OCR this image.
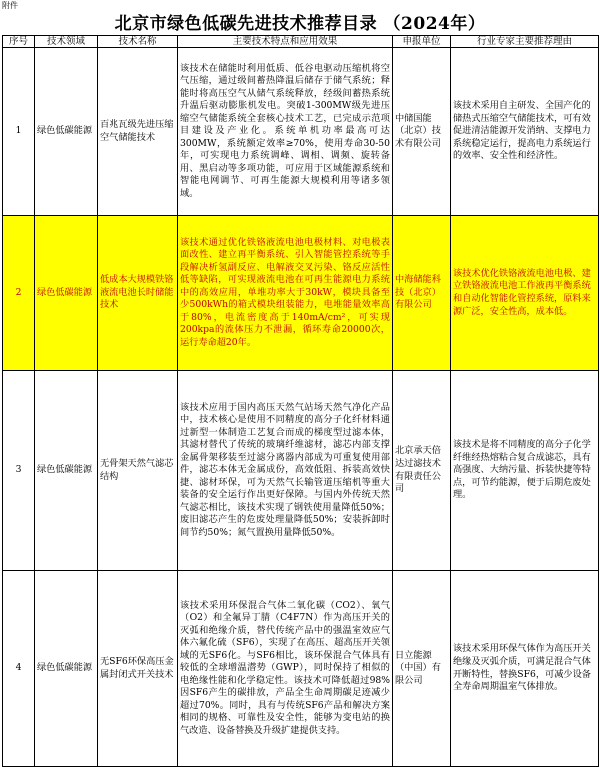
附件
北京市绿色低碳先进技术推荐目录 （2024年）
序号	技术领域	技术名称	主要技术特点和应用效果	申报单位	行业专家主要推荐理由
1	绿色低碳能源	百兆瓦级先进压缩空气储能技术	该技术在储能时利用低质、低谷电驱动压缩机将空气压缩，通过级间蓄热降温后储存于储气系统；释能时将高压空气从储气系统释放，经级间蓄热系统升温后驱动膨胀机发电。突破1-300MW级先进压缩空气储能系统全套核心技术工艺，已完成示范项目建设及产业化。系统单机功率最高可达300MW，系统额定效率≥70%，使用寿命30-50年，可实现电力系统调峰、调相、调频、旋转备用、黑启动等多项功能，可应用于区域能源系统和智能电网调节、可再生能源大规模利用等诸多领域。	中储国能（北京）技术有限公司	该技术采用自主研发、全国产化的储热式压缩空气储能技术，可有效促进清洁能源开发消纳、支撑电力系统稳定运行，提高电力系统运行的效率、安全性和经济性。
2	绿色低碳能源	低成本大规模铁铬液流电池长时储能技术	该技术通过优化铁铬液流电池电极材料、对电极表面改性、建立再平衡系统、引入智能管控系统等手段解决析氢副反应、电解液交叉污染、铬反应活性低等缺陷，可实现液流电池在可再生能源电力系统中的高效应用，单堆功率大于30kW，模块具备至少500kWh的箱式模块组装能力，电堆能量效率高于80%，电流密度高于140mA/cm²，可实现200kpa的流体压力不泄漏，循环寿命20000次，运行寿命超20年。	中海储能科技（北京）有限公司	该技术优化铁铬液流电池电极、建立铁铬液流电池工作液再平衡系统和自动化智能化管控系统，原料来源广泛，安全性高，成本低。
3	绿色低碳能源	无骨架天然气滤芯结构	该技术应用于国内高压天然气站场天然气净化产品中，技术核心是使用不同精度的高分子化纤材料通过新型一体制造工艺复合而成的梯度型过滤本体，其滤材替代了传统的玻璃纤维滤材，滤芯内部支撑金属骨架移装至过滤分离器内部成为可重复使用部件，滤芯本体无金属成份，高效低阻、拆装高效快捷、滤材环保，可为天然气长输管道压缩机等重大装备的安全运行作出更好保障。与国内外传统天然气滤芯相比，该技术实现了钢铁使用量降低50%；废旧滤芯产生的危废处理量降低50%；安装拆卸时间节约50%；氮气置换用量降低50%。	北京承天倍达过滤技术有限责任公司	该技术是将不同精度的高分子化学纤维经热熔粘合复合成滤芯，具有高强度、大纳污量、拆装快捷等特点，可节约能源，便于后期危废处理。
4	绿色低碳能源	无SF6环保高压金属封闭式开关技术	该技术采用环保混合气体二氧化碳（CO2）、氧气（O2）和全氟异丁腈（C4F7N）作为高压开关的灭弧和绝缘介质，替代传统产品中的强温室效应气体六氟化硫（SF6），实现了在高压、超高压开关领域的无SF6化。与SF6相比，该环保混合气体具有较低的全球增温潜势（GWP），同时保持了相似的电绝缘性能和化学稳定性。该技术可降低超过98%因SF6产生的碳排放，产品全生命周期碳足迹减少超过70%。同时，具有与传统SF6产品和解决方案相同的规格、可靠性及安全性，能够为变电站的换气改造、设备替换及升级扩建提供支持。	日立能源（中国）有限公司	该技术采用环保气体作为高压开关绝缘及灭弧介质，可满足混合气体开断特性，替换SF6，可减少设备全寿命周期温室气体排放。
